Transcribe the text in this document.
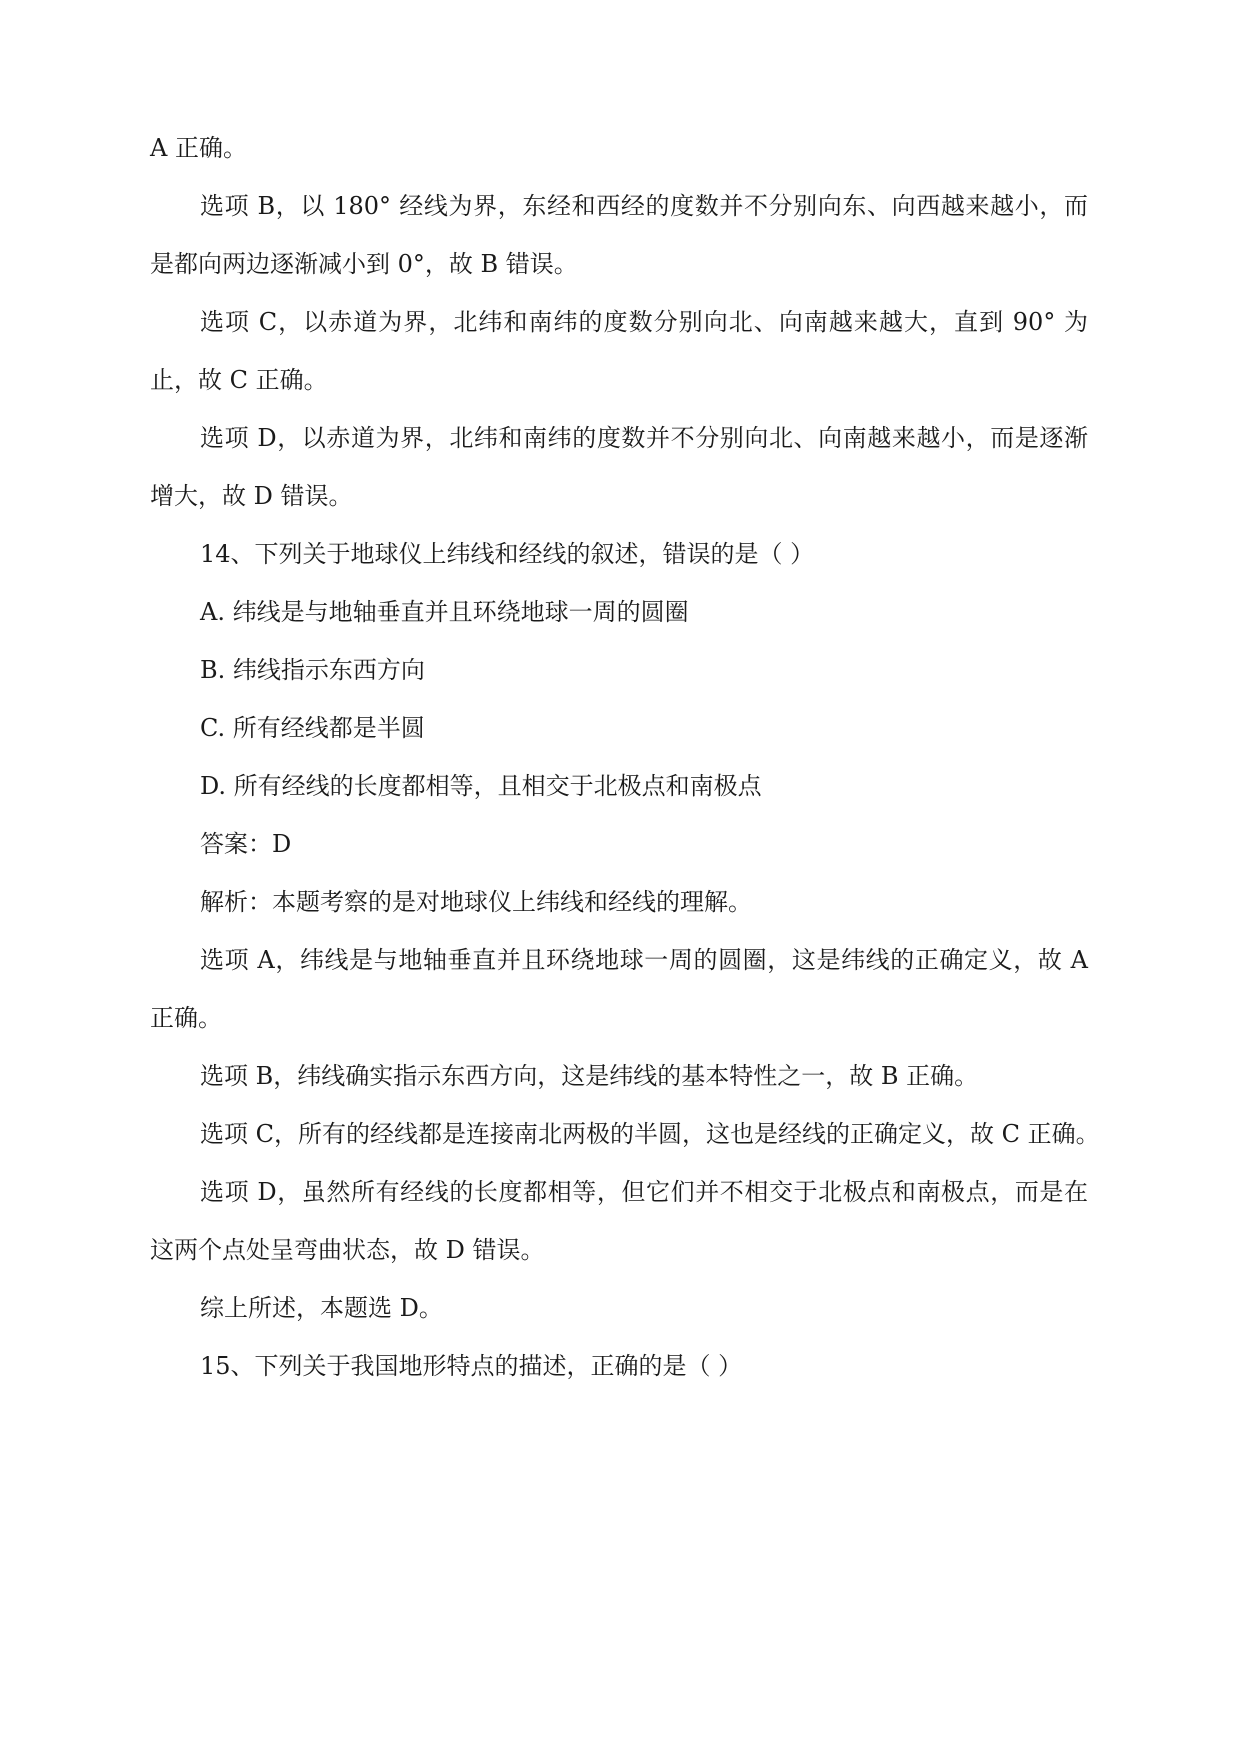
A 正确。
选项 B，以 180° 经线为界，东经和西经的度数并不分别向东、向西越来越小，而
是都向两边逐渐减小到 0°，故 B 错误。
选项 C，以赤道为界，北纬和南纬的度数分别向北、向南越来越大，直到 90° 为
止，故 C 正确。
选项 D，以赤道为界，北纬和南纬的度数并不分别向北、向南越来越小，而是逐渐
增大，故 D 错误。
14、下列关于地球仪上纬线和经线的叙述，错误的是（ ）
A. 纬线是与地轴垂直并且环绕地球一周的圆圈
B. 纬线指示东西方向
C. 所有经线都是半圆
D. 所有经线的长度都相等，且相交于北极点和南极点
答案：D
解析：本题考察的是对地球仪上纬线和经线的理解。
选项 A，纬线是与地轴垂直并且环绕地球一周的圆圈，这是纬线的正确定义，故 A
正确。
选项 B，纬线确实指示东西方向，这是纬线的基本特性之一，故 B 正确。
选项 C，所有的经线都是连接南北两极的半圆，这也是经线的正确定义，故 C 正确。
选项 D，虽然所有经线的长度都相等，但它们并不相交于北极点和南极点，而是在
这两个点处呈弯曲状态，故 D 错误。
综上所述，本题选 D。
15、下列关于我国地形特点的描述，正确的是（ ）
